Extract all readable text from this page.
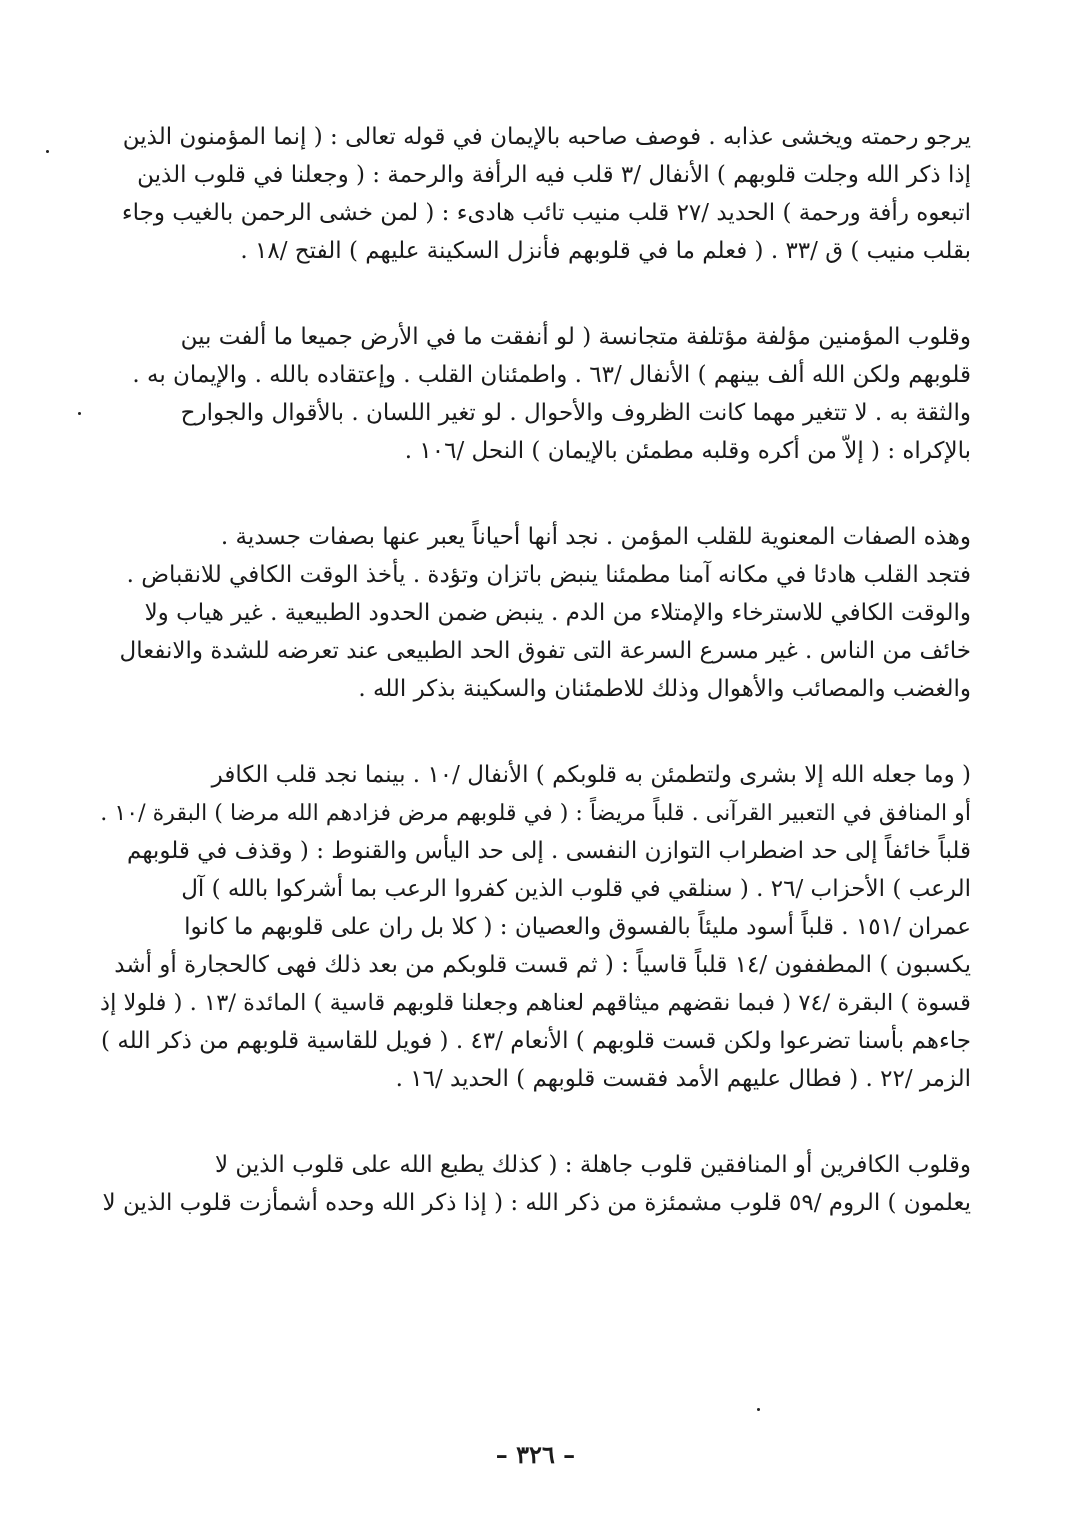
يرجو رحمته ويخشى عذابه . فوصف صاحبه بالإيمان في قوله تعالى : ( إنما المؤمنون الذين
إذا ذكر الله وجلت قلوبهم ) الأنفال /٣ قلب فيه الرأفة والرحمة : ( وجعلنا في قلوب الذين
اتبعوه رأفة ورحمة ) الحديد /٢٧ قلب منيب تائب هادىء : ( لمن خشى الرحمن بالغيب وجاء
بقلب منيب ) ق /٣٣ . ( فعلم ما في قلوبهم فأنزل السكينة عليهم ) الفتح /١٨ .

وقلوب المؤمنين مؤلفة مؤتلفة متجانسة ( لو أنفقت ما في الأرض جميعا ما ألفت بين
قلوبهم ولكن الله ألف بينهم ) الأنفال /٦٣ . واطمئنان القلب . وإعتقاده بالله . والإيمان به .
والثقة به . لا تتغير مهما كانت الظروف والأحوال . لو تغير اللسان . بالأقوال والجوارح
بالإكراه : ( إلاّ من أكره وقلبه مطمئن بالإيمان ) النحل /١٠٦ .

وهذه الصفات المعنوية للقلب المؤمن . نجد أنها أحياناً يعبر عنها بصفات جسدية .
فتجد القلب هادئا في مكانه آمنا مطمئنا ينبض باتزان وتؤدة . يأخذ الوقت الكافي للانقباض .
والوقت الكافي للاسترخاء والإمتلاء من الدم . ينبض ضمن الحدود الطبيعية . غير هياب ولا
خائف من الناس . غير مسرع السرعة التى تفوق الحد الطبيعى عند تعرضه للشدة والانفعال
والغضب والمصائب والأهوال وذلك للاطمئنان والسكينة بذكر الله .

( وما جعله الله إلا بشرى ولتطمئن به قلوبكم ) الأنفال /١٠ . بينما نجد قلب الكافر
أو المنافق في التعبير القرآنى . قلباً مريضاً : ( في قلوبهم مرض فزادهم الله مرضا ) البقرة /١٠ .
قلباً خائفاً إلى حد اضطراب التوازن النفسى . إلى حد اليأس والقنوط : ( وقذف في قلوبهم
الرعب ) الأحزاب /٢٦ . ( سنلقي في قلوب الذين كفروا الرعب بما أشركوا بالله ) آل
عمران /١٥١ . قلباً أسود مليئاً بالفسوق والعصيان : ( كلا بل ران على قلوبهم ما كانوا
يكسبون ) المطففون /١٤ قلباً قاسياً : ( ثم قست قلوبكم من بعد ذلك فهى كالحجارة أو أشد
قسوة ) البقرة /٧٤ ( فبما نقضهم ميثاقهم لعناهم وجعلنا قلوبهم قاسية ) المائدة /١٣ . ( فلولا إذ
جاءهم بأسنا تضرعوا ولكن قست قلوبهم ) الأنعام /٤٣ . ( فويل للقاسية قلوبهم من ذكر الله )
الزمر /٢٢ . ( فطال عليهم الأمد فقست قلوبهم ) الحديد /١٦ .

وقلوب الكافرين أو المنافقين قلوب جاهلة : ( كذلك يطبع الله على قلوب الذين لا
يعلمون ) الروم /٥٩ قلوب مشمئزة من ذكر الله : ( إذا ذكر الله وحده أشمأزت قلوب الذين لا

– ٣٢٦ –
